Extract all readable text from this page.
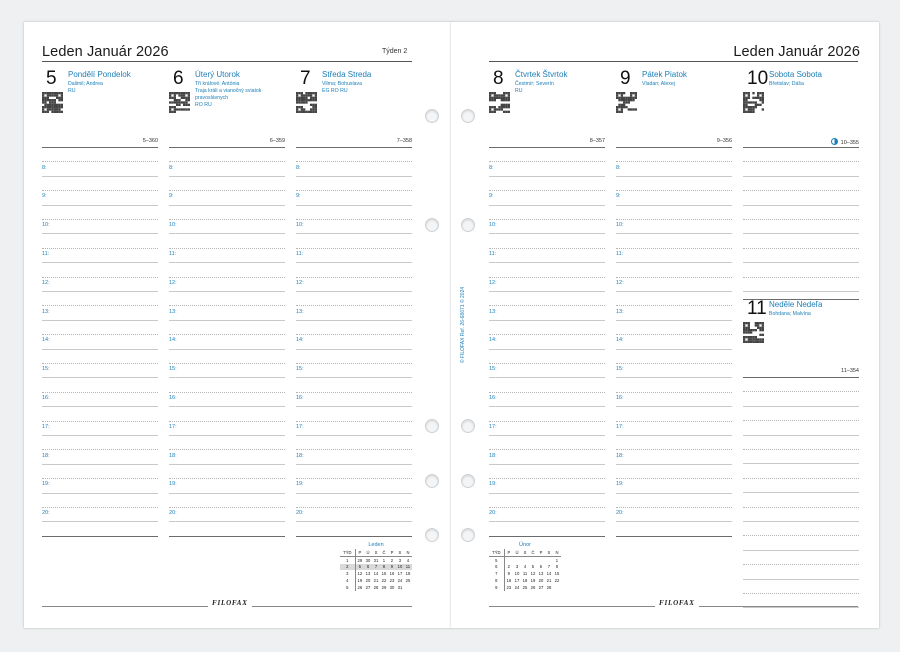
Leden Január 2026	Týden 2
5 Pondělí Pondelok
Dalimil; Andrea
RU
5–360
8:
9:
10:
11:
12:
13:
14:
15:
16:
17:
18:
19:
20:
6 Úterý Utorok
Tři králové; Antónia
Traja králi a vianočný sviatok pravoslávnych
RO RU
6–359
8:
9:
10:
11:
12:
13:
14:
15:
16:
17:
18:
19:
20:
7 Středa Streda
Vilma; Bohuslava
EG RO RU
7–358
8:
9:
10:
11:
12:
13:
14:
15:
16:
17:
18:
19:
20:
Leden
TÝD	P	Ú	S	Č	P	S	N
1	29	30	31	1	2	3	4
2	5	6	7	8	9	10	11
3	12	13	14	15	16	17	18
4	19	20	21	22	23	24	25
5	26	27	28	29	30	31	
FILOFAX
Leden Január 2026
8 Čtvrtek Štvrtok
Čestmír; Severín
RU
8–357
8:
9:
10:
11:
12:
13:
14:
15:
16:
17:
18:
19:
20:
9 Pátek Piatok
Vladan; Alexej
9–356
8:
9:
10:
11:
12:
13:
14:
15:
16:
17:
18:
19:
20:
10 Sobota Sobota
Břetislav; Dáša
10–355
11 Neděle Nedeľa
Bohdana; Malvína
11–354
Únor
TÝD	P	Ú	S	Č	P	S	N
5							1
6	2	3	4	5	6	7	8
7	9	10	11	12	13	14	15
8	16	17	18	19	20	21	22
9	23	24	25	26	27	28	
FILOFAX
© FILOFAX Ref. 26-68671 © 2024
